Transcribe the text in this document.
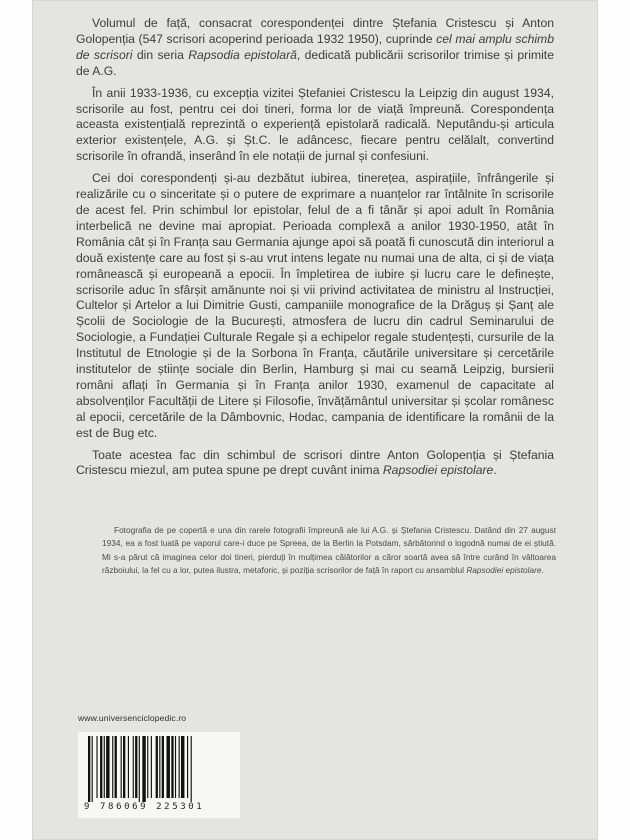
Volumul de față, consacrat corespondenței dintre Ștefania Cristescu și Anton Golopenția (547 scrisori acoperind perioada 1932 1950), cuprinde cel mai amplu schimb de scrisori din seria Rapsodia epistolară, dedicată publicării scrisorilor trimise și primite de A.G.

În anii 1933-1936, cu excepția vizitei Ștefaniei Cristescu la Leipzig din august 1934, scrisorile au fost, pentru cei doi tineri, forma lor de viață împreună. Corespondența aceasta existențială reprezintă o experiență epistolară radicală. Neputându-și articula exterior existențele, A.G. și Șt.C. le adâncesc, fiecare pentru celălalt, convertind scrisorile în ofrandă, inserând în ele notații de jurnal și confesiuni.

Cei doi corespondenți și-au dezbătut iubirea, tinerețea, aspirațiile, înfrângerile și realizările cu o sinceritate și o putere de exprimare a nuanțelor rar întâlnite în scrisorile de acest fel. Prin schimbul lor epistolar, felul de a fi tânăr și apoi adult în România interbelică ne devine mai apropiat. Perioada complexă a anilor 1930-1950, atât în România cât și în Franța sau Germania ajunge apoi să poată fi cunoscută din interiorul a două existențe care au fost și s-au vrut intens legate nu numai una de alta, ci și de viața românească și europeană a epocii. În împletirea de iubire și lucru care le definește, scrisorile aduc în sfârșit amănunte noi și vii privind activitatea de ministru al Instrucției, Cultelor și Artelor a lui Dimitrie Gusti, campaniile monografice de la Drăguș și Șanț ale Școlii de Sociologie de la București, atmosfera de lucru din cadrul Seminarului de Sociologie, a Fundației Culturale Regale și a echipelor regale studențești, cursurile de la Institutul de Etnologie și de la Sorbona în Franța, căutările universitare și cercetările institutelor de științe sociale din Berlin, Hamburg și mai cu seamă Leipzig, bursierii români aflați în Germania și în Franța anilor 1930, examenul de capacitate al absolvenților Facultății de Litere și Filosofie, învățământul universitar și școlar românesc al epocii, cercetările de la Dâmbovnic, Hodac, campania de identificare la românii de la est de Bug etc.

Toate acestea fac din schimbul de scrisori dintre Anton Golopenția și Ștefania Cristescu miezul, am putea spune pe drept cuvânt inima Rapsodiei epistolare.

Fotografia de pe copertă e una din rarele fotografii împreună ale lui A.G. și Ștefania Cristescu. Datând din 27 august 1934, ea a fost luată pe vaporul care-i duce pe Spreea, de la Berlin la Potsdam, sărbătorind o logodnă numai de ei știută. Mi s-a părut că imaginea celor doi tineri, pierduți în mulțimea călătorilor a căror soartă avea să între curând în vâltoarea războiului, la fel cu a lor, putea ilustra, metaforic, și poziția scrisorilor de față în raport cu ansamblul Rapsodiei epistolare.
www.universenciclopedic.ro
9 786069 225301
